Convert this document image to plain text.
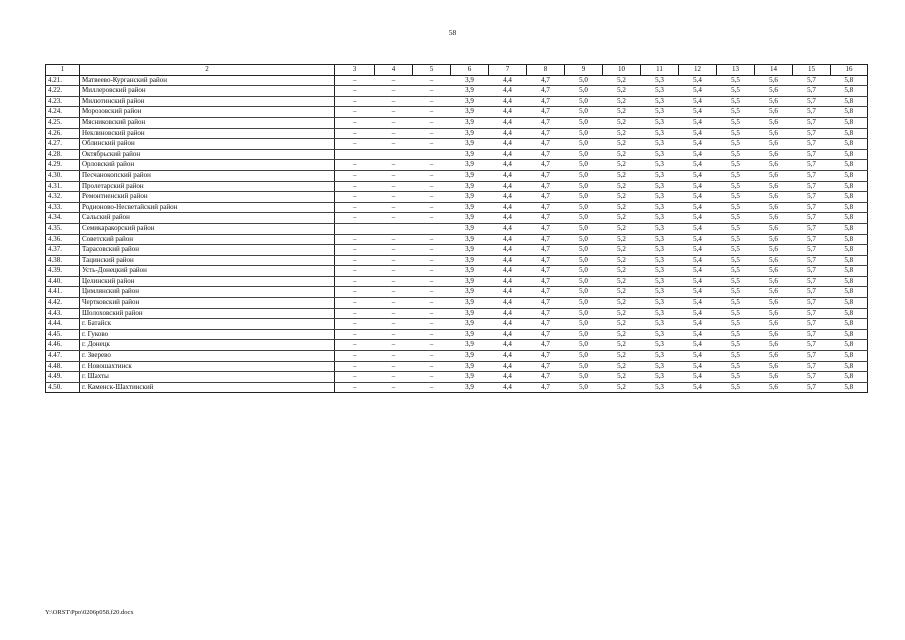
58
1	2	3	4	5	6	7	8	9	10	11	12	13	14	15	16
4.21.	Матвеево-Курганский район	–	–	–	3,9	4,4	4,7	5,0	5,2	5,3	5,4	5,5	5,6	5,7	5,8
4.22.	Миллеровский район	–	–	–	3,9	4,4	4,7	5,0	5,2	5,3	5,4	5,5	5,6	5,7	5,8
4.23.	Милютинский район	–	–	–	3,9	4,4	4,7	5,0	5,2	5,3	5,4	5,5	5,6	5,7	5,8
4.24.	Морозовский район	–	–	–	3,9	4,4	4,7	5,0	5,2	5,3	5,4	5,5	5,6	5,7	5,8
4.25.	Мясниковский район	–	–	–	3,9	4,4	4,7	5,0	5,2	5,3	5,4	5,5	5,6	5,7	5,8
4.26.	Неклиновский район	–	–	–	3,9	4,4	4,7	5,0	5,2	5,3	5,4	5,5	5,6	5,7	5,8
4.27.	Облинский район	–	–	–	3,9	4,4	4,7	5,0	5,2	5,3	5,4	5,5	5,6	5,7	5,8
4.28.	Октябрьский район				3,9	4,4	4,7	5,0	5,2	5,3	5,4	5,5	5,6	5,7	5,8
4.29.	Орловский район	–	–	–	3,9	4,4	4,7	5,0	5,2	5,3	5,4	5,5	5,6	5,7	5,8
4.30.	Песчанокопский район	–	–	–	3,9	4,4	4,7	5,0	5,2	5,3	5,4	5,5	5,6	5,7	5,8
4.31.	Пролетарский район	–	–	–	3,9	4,4	4,7	5,0	5,2	5,3	5,4	5,5	5,6	5,7	5,8
4.32.	Ремонтненский район	–	–	–	3,9	4,4	4,7	5,0	5,2	5,3	5,4	5,5	5,6	5,7	5,8
4.33.	Родионово-Несветайский район	–	–	–	3,9	4,4	4,7	5,0	5,2	5,3	5,4	5,5	5,6	5,7	5,8
4.34.	Сальский район	–	–	–	3,9	4,4	4,7	5,0	5,2	5,3	5,4	5,5	5,6	5,7	5,8
4.35.	Семикаракорский район				3,9	4,4	4,7	5,0	5,2	5,3	5,4	5,5	5,6	5,7	5,8
4.36.	Советский район	–	–	–	3,9	4,4	4,7	5,0	5,2	5,3	5,4	5,5	5,6	5,7	5,8
4.37.	Тарасовский район	–	–	–	3,9	4,4	4,7	5,0	5,2	5,3	5,4	5,5	5,6	5,7	5,8
4.38.	Тацинский район	–	–	–	3,9	4,4	4,7	5,0	5,2	5,3	5,4	5,5	5,6	5,7	5,8
4.39.	Усть-Донецкий район	–	–	–	3,9	4,4	4,7	5,0	5,2	5,3	5,4	5,5	5,6	5,7	5,8
4.40.	Целинский район	–	–	–	3,9	4,4	4,7	5,0	5,2	5,3	5,4	5,5	5,6	5,7	5,8
4.41.	Цимлянский район	–	–	–	3,9	4,4	4,7	5,0	5,2	5,3	5,4	5,5	5,6	5,7	5,8
4.42.	Чертковский район	–	–	–	3,9	4,4	4,7	5,0	5,2	5,3	5,4	5,5	5,6	5,7	5,8
4.43.	Шолоховский район	–	–	–	3,9	4,4	4,7	5,0	5,2	5,3	5,4	5,5	5,6	5,7	5,8
4.44.	г. Батайск	–	–	–	3,9	4,4	4,7	5,0	5,2	5,3	5,4	5,5	5,6	5,7	5,8
4.45.	г. Гуково	–	–	–	3,9	4,4	4,7	5,0	5,2	5,3	5,4	5,5	5,6	5,7	5,8
4.46.	г. Донецк	–	–	–	3,9	4,4	4,7	5,0	5,2	5,3	5,4	5,5	5,6	5,7	5,8
4.47.	г. Зверево	–	–	–	3,9	4,4	4,7	5,0	5,2	5,3	5,4	5,5	5,6	5,7	5,8
4.48.	г. Новошахтинск	–	–	–	3,9	4,4	4,7	5,0	5,2	5,3	5,4	5,5	5,6	5,7	5,8
4.49.	г. Шахты	–	–	–	3,9	4,4	4,7	5,0	5,2	5,3	5,4	5,5	5,6	5,7	5,8
4.50.	г. Каменск-Шахтинский	–	–	–	3,9	4,4	4,7	5,0	5,2	5,3	5,4	5,5	5,6	5,7	5,8
Y:\ORST\Ppo\0206p058.f20.docx
